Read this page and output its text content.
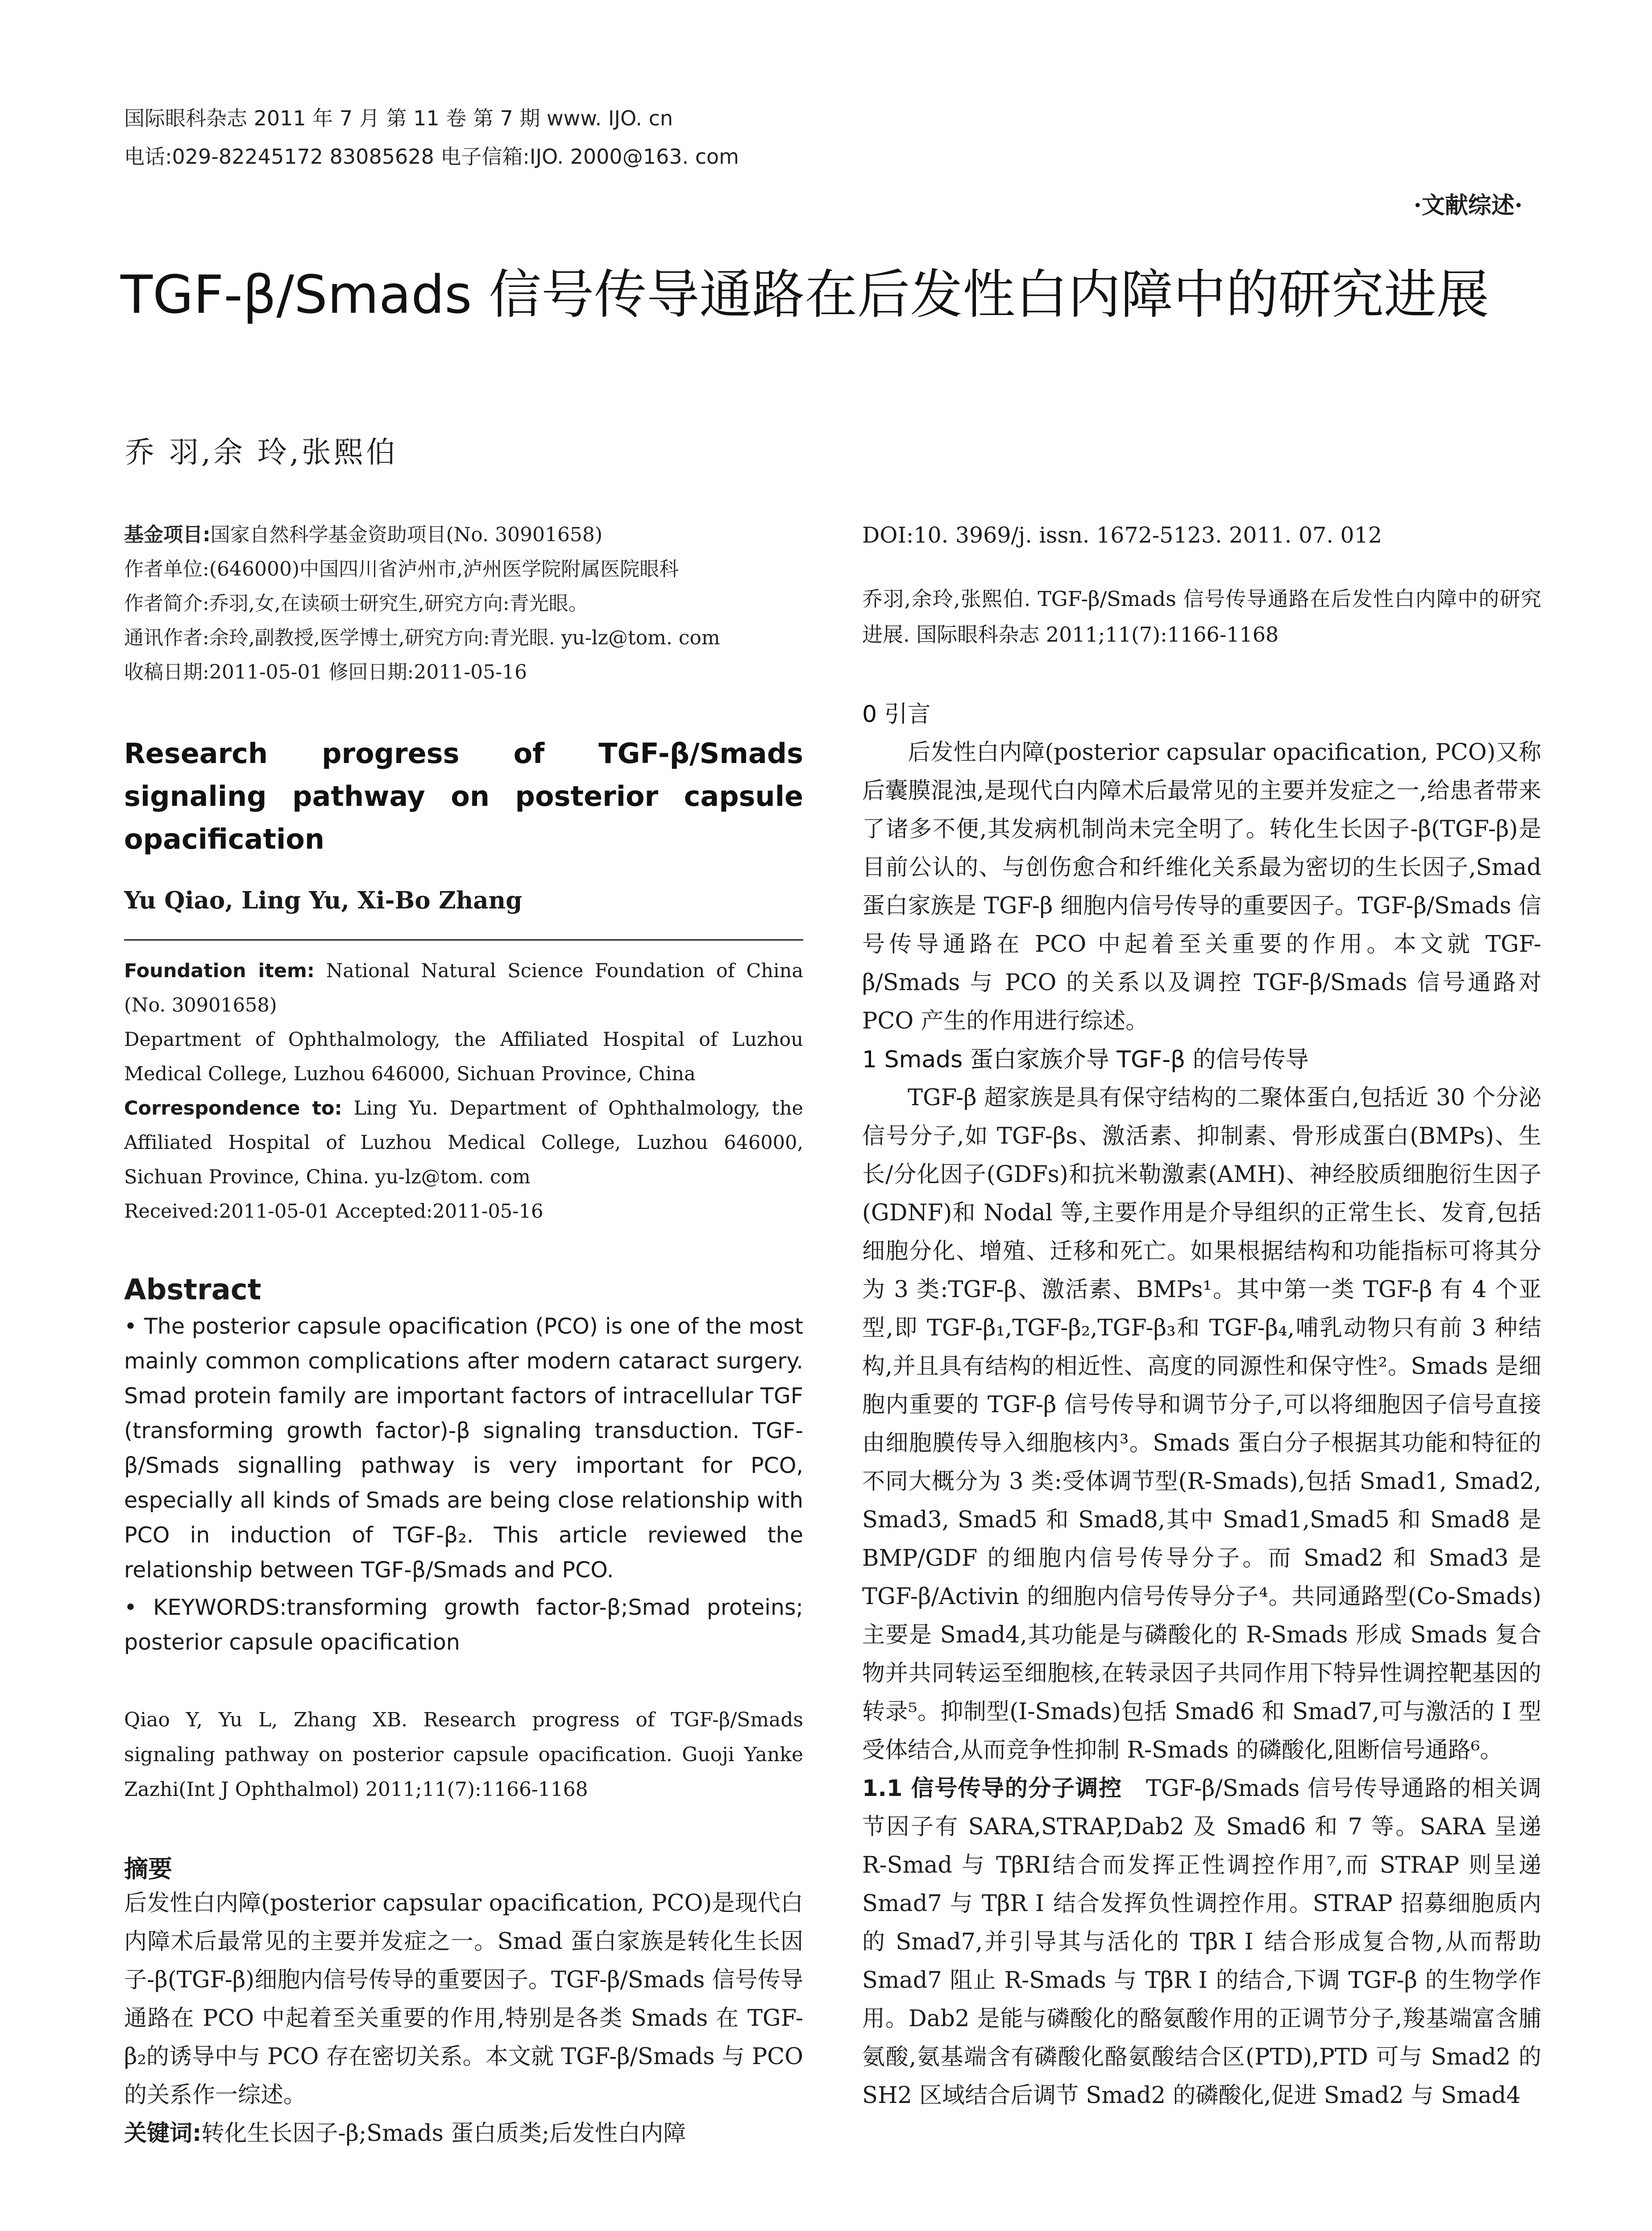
国际眼科杂志 2011 年 7 月 第 11 卷 第 7 期 www. IJO. cn
电话:029-82245172 83085628 电子信箱:IJO. 2000@163. com
·文献综述·
TGF-β/Smads 信号传导通路在后发性白内障中的研究进展
乔 羽,余 玲,张熙伯
基金项目:国家自然科学基金资助项目(No. 30901658)
作者单位:(646000)中国四川省泸州市,泸州医学院附属医院眼科
作者简介:乔羽,女,在读硕士研究生,研究方向:青光眼。
通讯作者:余玲,副教授,医学博士,研究方向:青光眼. yu-lz@tom. com
收稿日期:2011-05-01 修回日期:2011-05-16
Research progress of TGF-β/Smads signaling pathway on posterior capsule opacification
Yu Qiao, Ling Yu, Xi-Bo Zhang
Foundation item: National Natural Science Foundation of China (No. 30901658)
Department of Ophthalmology, the Affiliated Hospital of Luzhou Medical College, Luzhou 646000, Sichuan Province, China
Correspondence to: Ling Yu. Department of Ophthalmology, the Affiliated Hospital of Luzhou Medical College, Luzhou 646000, Sichuan Province, China. yu-lz@tom. com
Received:2011-05-01 Accepted:2011-05-16
Abstract
• The posterior capsule opacification (PCO) is one of the most mainly common complications after modern cataract surgery. Smad protein family are important factors of intracellular TGF (transforming growth factor)-β signaling transduction. TGF-β/Smads signalling pathway is very important for PCO, especially all kinds of Smads are being close relationship with PCO in induction of TGF-β₂. This article reviewed the relationship between TGF-β/Smads and PCO.
• KEYWORDS:transforming growth factor-β;Smad proteins; posterior capsule opacification
Qiao Y, Yu L, Zhang XB. Research progress of TGF-β/Smads signaling pathway on posterior capsule opacification. Guoji Yanke Zazhi(Int J Ophthalmol) 2011;11(7):1166-1168
摘要
后发性白内障(posterior capsular opacification, PCO)是现代白内障术后最常见的主要并发症之一。Smad 蛋白家族是转化生长因子-β(TGF-β)细胞内信号传导的重要因子。TGF-β/Smads 信号传导通路在 PCO 中起着至关重要的作用,特别是各类 Smads 在 TGF-β₂的诱导中与 PCO 存在密切关系。本文就 TGF-β/Smads 与 PCO 的关系作一综述。
关键词:转化生长因子-β;Smads 蛋白质类;后发性白内障
DOI:10. 3969/j. issn. 1672-5123. 2011. 07. 012
乔羽,余玲,张熙伯. TGF-β/Smads 信号传导通路在后发性白内障中的研究进展. 国际眼科杂志 2011;11(7):1166-1168
0 引言
后发性白内障(posterior capsular opacification, PCO)又称后囊膜混浊,是现代白内障术后最常见的主要并发症之一,给患者带来了诸多不便,其发病机制尚未完全明了。转化生长因子-β(TGF-β)是目前公认的、与创伤愈合和纤维化关系最为密切的生长因子,Smad 蛋白家族是 TGF-β 细胞内信号传导的重要因子。TGF-β/Smads 信号传导通路在 PCO 中起着至关重要的作用。本文就 TGF-β/Smads 与 PCO 的关系以及调控 TGF-β/Smads 信号通路对 PCO 产生的作用进行综述。
1 Smads 蛋白家族介导 TGF-β 的信号传导
TGF-β 超家族是具有保守结构的二聚体蛋白,包括近 30 个分泌信号分子,如 TGF-βs、激活素、抑制素、骨形成蛋白(BMPs)、生长/分化因子(GDFs)和抗米勒激素(AMH)、神经胶质细胞衍生因子(GDNF)和 Nodal 等,主要作用是介导组织的正常生长、发育,包括细胞分化、增殖、迁移和死亡。如果根据结构和功能指标可将其分为 3 类:TGF-β、激活素、BMPs¹。其中第一类 TGF-β 有 4 个亚型,即 TGF-β₁,TGF-β₂,TGF-β₃和 TGF-β₄,哺乳动物只有前 3 种结构,并且具有结构的相近性、高度的同源性和保守性²。Smads 是细胞内重要的 TGF-β 信号传导和调节分子,可以将细胞因子信号直接由细胞膜传导入细胞核内³。Smads 蛋白分子根据其功能和特征的不同大概分为 3 类:受体调节型(R-Smads),包括 Smad1, Smad2, Smad3, Smad5 和 Smad8,其中 Smad1,Smad5 和 Smad8 是 BMP/GDF 的细胞内信号传导分子。而 Smad2 和 Smad3 是 TGF-β/Activin 的细胞内信号传导分子⁴。共同通路型(Co-Smads)主要是 Smad4,其功能是与磷酸化的 R-Smads 形成 Smads 复合物并共同转运至细胞核,在转录因子共同作用下特异性调控靶基因的转录⁵。抑制型(I-Smads)包括 Smad6 和 Smad7,可与激活的 I 型受体结合,从而竞争性抑制 R-Smads 的磷酸化,阻断信号通路⁶。
1.1 信号传导的分子调控 TGF-β/Smads 信号传导通路的相关调节因子有 SARA,STRAP,Dab2 及 Smad6 和 7 等。SARA 呈递 R-Smad 与 TβRI结合而发挥正性调控作用⁷,而 STRAP 则呈递 Smad7 与 TβR Ⅰ 结合发挥负性调控作用。STRAP 招募细胞质内的 Smad7,并引导其与活化的 TβR Ⅰ 结合形成复合物,从而帮助 Smad7 阻止 R-Smads 与 TβR Ⅰ 的结合,下调 TGF-β 的生物学作用。Dab2 是能与磷酸化的酪氨酸作用的正调节分子,羧基端富含脯氨酸,氨基端含有磷酸化酪氨酸结合区(PTD),PTD 可与 Smad2 的 SH2 区域结合后调节 Smad2 的磷酸化,促进 Smad2 与 Smad4
